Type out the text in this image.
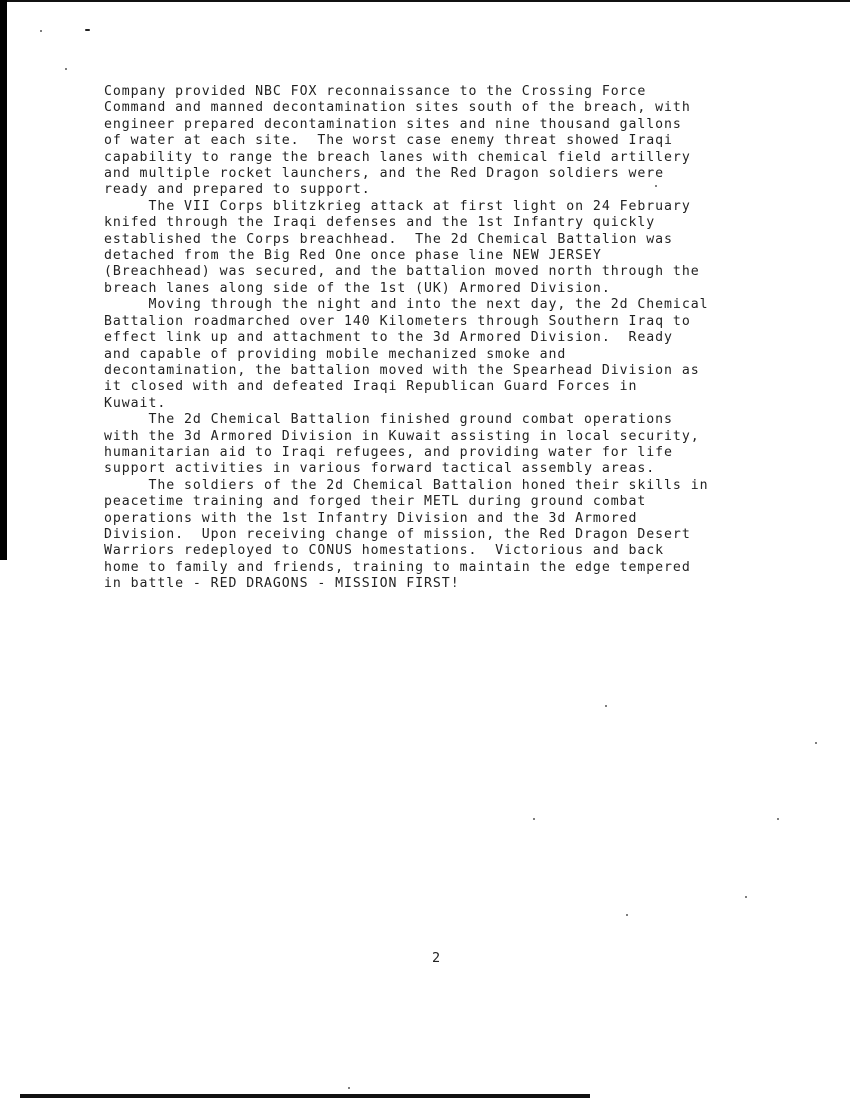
Company provided NBC FOX reconnaissance to the Crossing Force
Command and manned decontamination sites south of the breach, with
engineer prepared decontamination sites and nine thousand gallons
of water at each site.  The worst case enemy threat showed Iraqi
capability to range the breach lanes with chemical field artillery
and multiple rocket launchers, and the Red Dragon soldiers were
ready and prepared to support.
The VII Corps blitzkrieg attack at first light on 24 February
knifed through the Iraqi defenses and the 1st Infantry quickly
established the Corps breachhead.  The 2d Chemical Battalion was
detached from the Big Red One once phase line NEW JERSEY
(Breachhead) was secured, and the battalion moved north through the
breach lanes along side of the 1st (UK) Armored Division.
Moving through the night and into the next day, the 2d Chemical
Battalion roadmarched over 140 Kilometers through Southern Iraq to
effect link up and attachment to the 3d Armored Division.  Ready
and capable of providing mobile mechanized smoke and
decontamination, the battalion moved with the Spearhead Division as
it closed with and defeated Iraqi Republican Guard Forces in
Kuwait.
The 2d Chemical Battalion finished ground combat operations
with the 3d Armored Division in Kuwait assisting in local security,
humanitarian aid to Iraqi refugees, and providing water for life
support activities in various forward tactical assembly areas.
The soldiers of the 2d Chemical Battalion honed their skills in
peacetime training and forged their METL during ground combat
operations with the 1st Infantry Division and the 3d Armored
Division.  Upon receiving change of mission, the Red Dragon Desert
Warriors redeployed to CONUS homestations.  Victorious and back
home to family and friends, training to maintain the edge tempered
in battle - RED DRAGONS - MISSION FIRST!
2
